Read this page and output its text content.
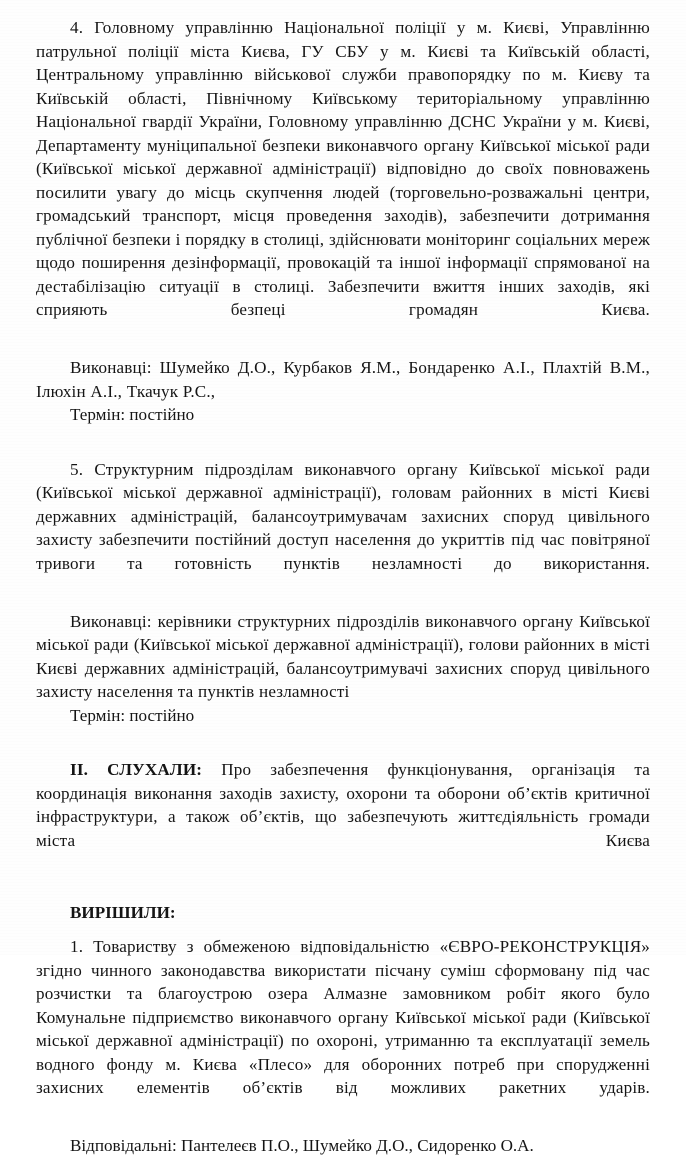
4. Головному управлінню Національної поліції у м. Києві, Управлінню патрульної поліції міста Києва, ГУ СБУ у м. Києві та Київській області, Центральному управлінню військової служби правопорядку по м. Києву та Київській області, Північному Київському територіальному управлінню Національної гвардії України, Головному управлінню ДСНС України у м. Києві, Департаменту муніципальної безпеки виконавчого органу Київської міської ради (Київської міської державної адміністрації) відповідно до своїх повноважень посилити увагу до місць скупчення людей (торговельно-розважальні центри, громадський транспорт, місця проведення заходів), забезпечити дотримання публічної безпеки і порядку в столиці, здійснювати моніторинг соціальних мереж щодо поширення дезінформації, провокацій та іншої інформації спрямованої на дестабілізацію ситуації в столиці. Забезпечити вжиття інших заходів, які сприяють безпеці громадян Києва.

Виконавці: Шумейко Д.О., Курбаков Я.М., Бондаренко А.І., Плахтій В.М., Ілюхін А.І., Ткачук Р.С.,

Термін: постійно

5. Структурним підрозділам виконавчого органу Київської міської ради (Київської міської державної адміністрації), головам районних в місті Києві державних адміністрацій, балансоутримувачам захисних споруд цивільного захисту забезпечити постійний доступ населення до укриттів під час повітряної тривоги та готовність пунктів незламності до використання.

Виконавці: керівники структурних підрозділів виконавчого органу Київської міської ради (Київської міської державної адміністрації), голови районних в місті Києві державних адміністрацій, балансоутримувачі захисних споруд цивільного захисту населення та пунктів незламності

Термін: постійно

II. СЛУХАЛИ: Про забезпечення функціонування, організація та координація виконання заходів захисту, охорони та оборони об’єктів критичної інфраструктури, а також об’єктів, що забезпечують життєдіяльність громади міста Києва

ВИРІШИЛИ:

1. Товариству з обмеженою відповідальністю «ЄВРО-РЕКОНСТРУКЦІЯ» згідно чинного законодавства використати пісчану суміш сформовану під час розчистки та благоустрою озера Алмазне замовником робіт якого було Комунальне підприємство виконавчого органу Київської міської ради (Київської міської державної адміністрації) по охороні, утриманню та експлуатації земель водного фонду м. Києва «Плесо» для оборонних потреб при спорудженні захисних елементів об’єктів від можливих ракетних ударів.

Відповідальні: Пантелеєв П.О., Шумейко Д.О., Сидоренко О.А.
